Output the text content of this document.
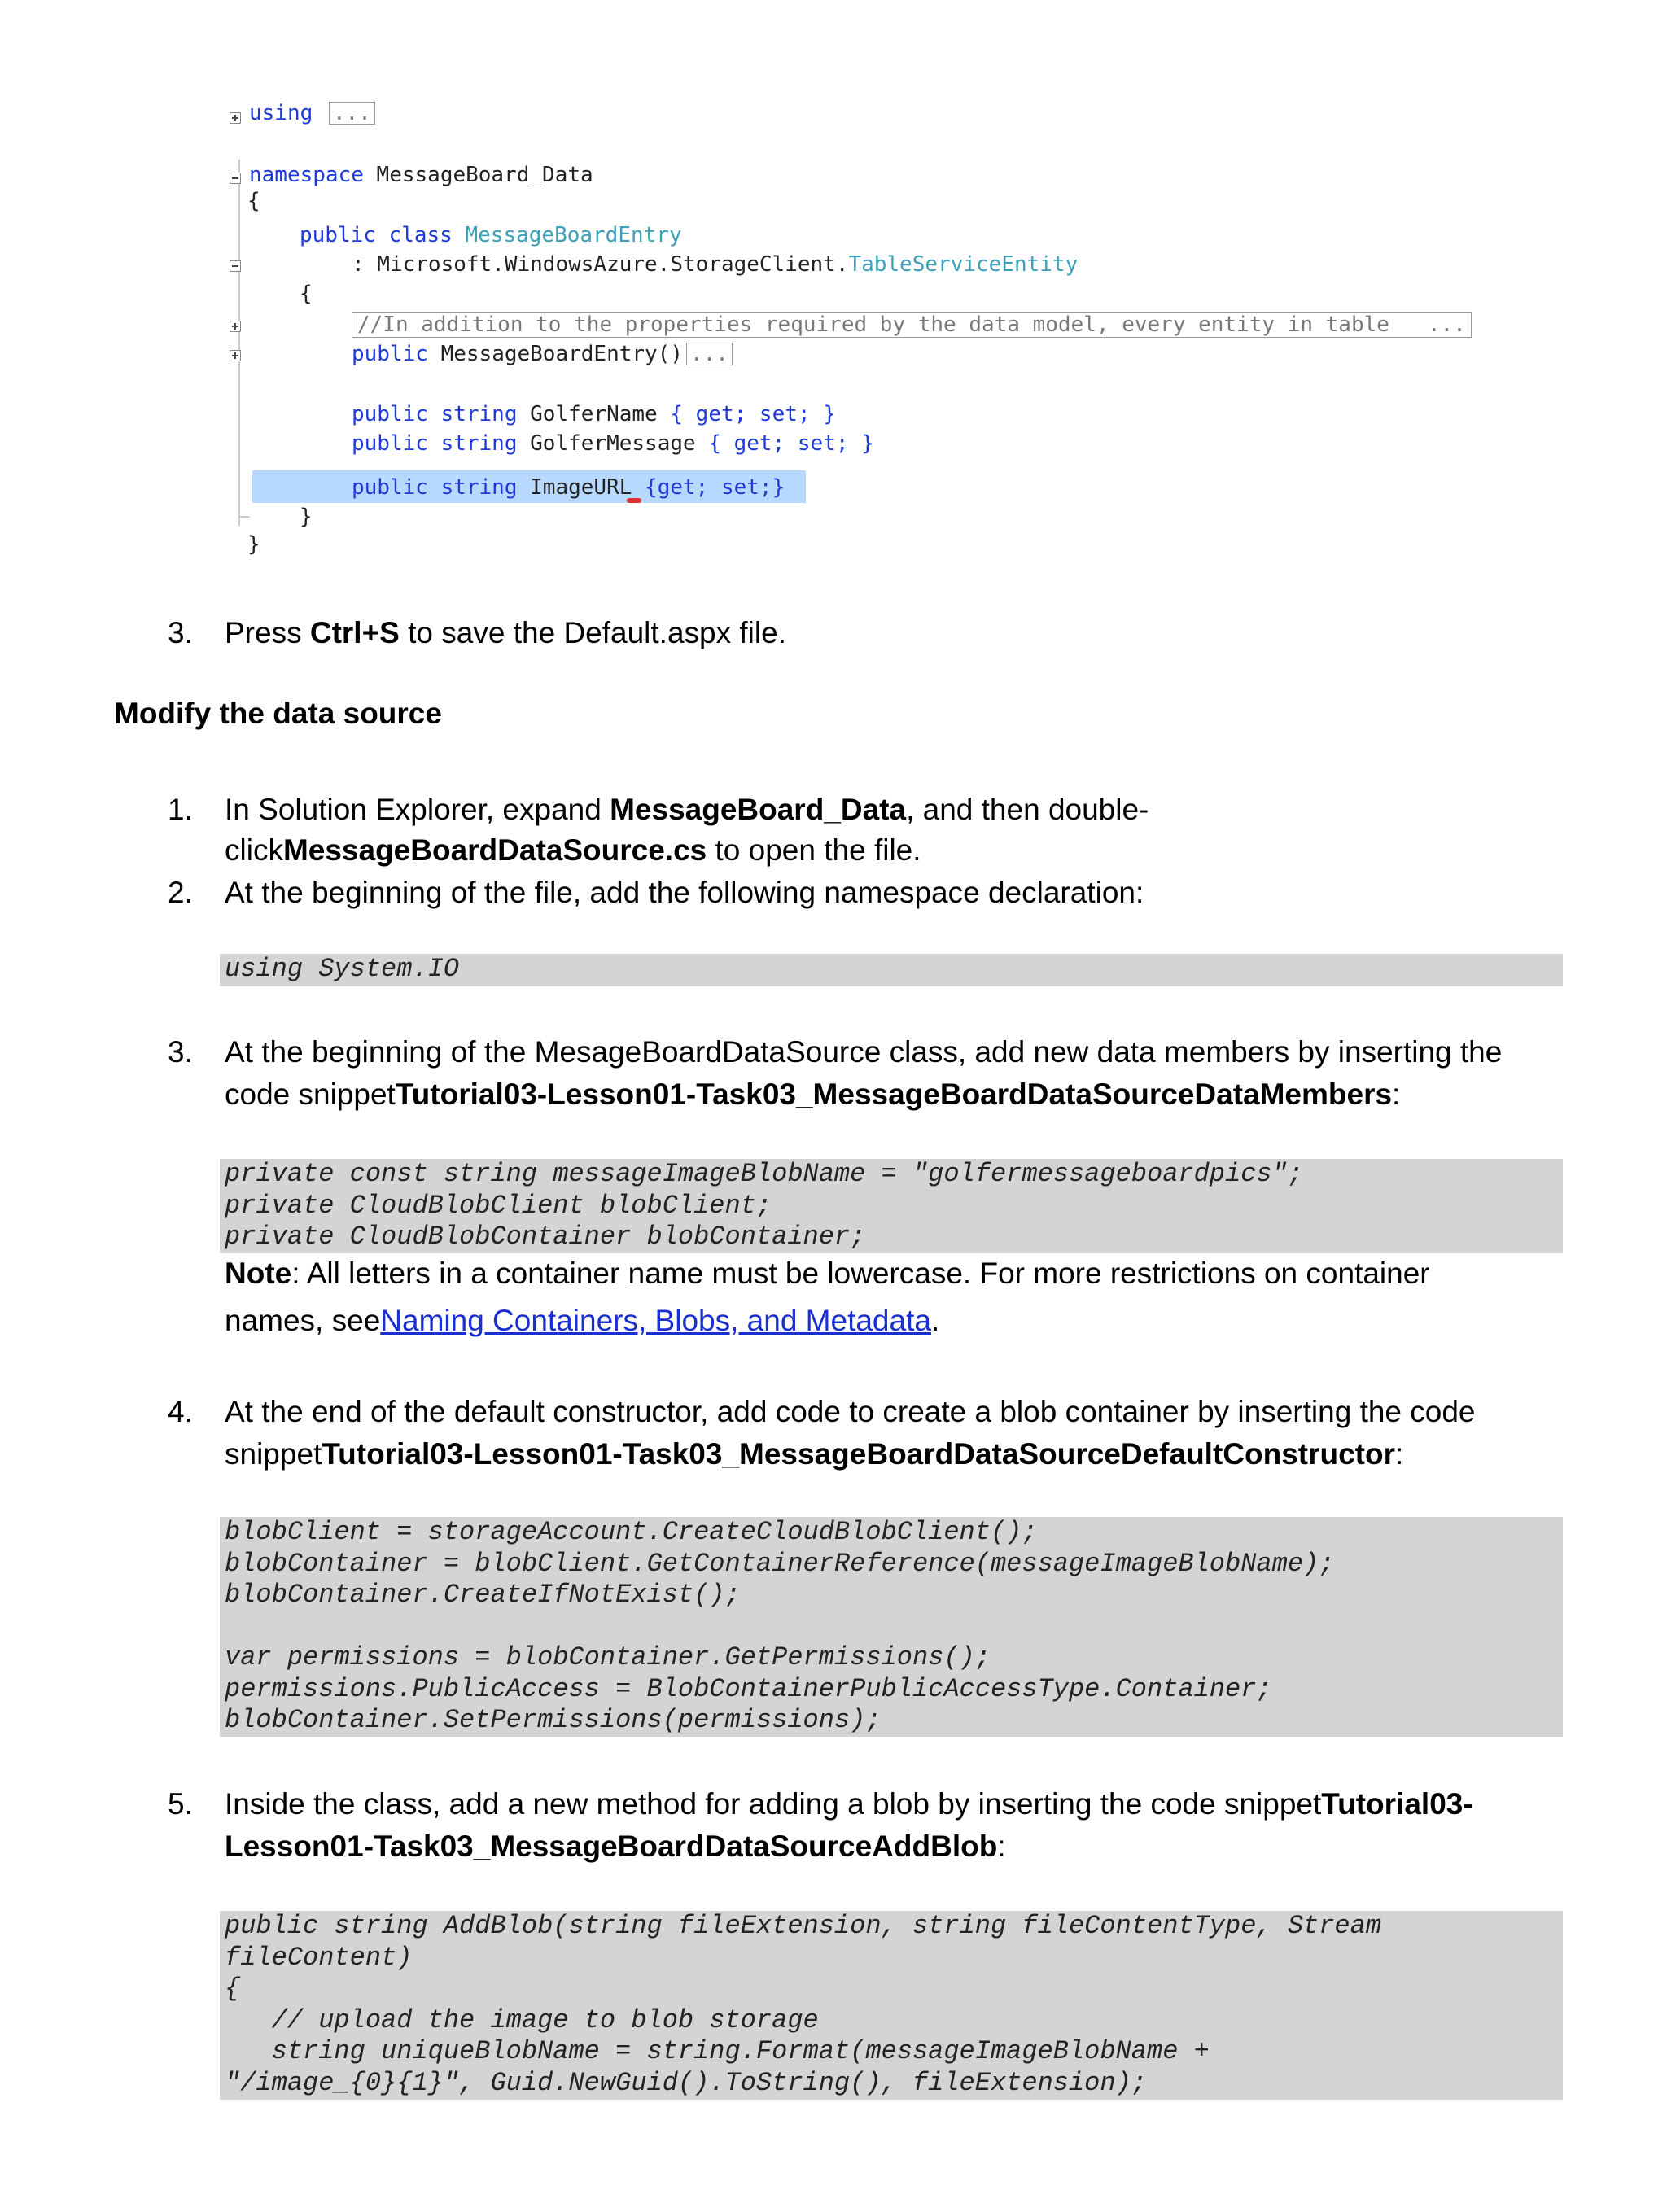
using ...
namespace MessageBoard_Data
{
public class MessageBoardEntry
: Microsoft.WindowsAzure.StorageClient.TableServiceEntity
{
//In addition to the properties required by the data model, every entity in table   ...
public MessageBoardEntry() ...
public string GolferName { get; set; }
public string GolferMessage { get; set; }
public string ImageURL {get; set;}
}
}
3. Press Ctrl+S to save the Default.aspx file.
Modify the data source
1. In Solution Explorer, expand MessageBoard_Data, and then double-
clickMessageBoardDataSource.cs to open the file.
2. At the beginning of the file, add the following namespace declaration:
using System.IO
3. At the beginning of the MesageBoardDataSource class, add new data members by inserting the
code snippetTutorial03-Lesson01-Task03_MessageBoardDataSourceDataMembers:
private const string messageImageBlobName = "golfermessageboardpics";
private CloudBlobClient blobClient;
private CloudBlobContainer blobContainer;
Note: All letters in a container name must be lowercase. For more restrictions on container
names, seeNaming Containers, Blobs, and Metadata.
4. At the end of the default constructor, add code to create a blob container by inserting the code
snippetTutorial03-Lesson01-Task03_MessageBoardDataSourceDefaultConstructor:
blobClient = storageAccount.CreateCloudBlobClient();
blobContainer = blobClient.GetContainerReference(messageImageBlobName);
blobContainer.CreateIfNotExist();

var permissions = blobContainer.GetPermissions();
permissions.PublicAccess = BlobContainerPublicAccessType.Container;
blobContainer.SetPermissions(permissions);
5. Inside the class, add a new method for adding a blob by inserting the code snippetTutorial03-
Lesson01-Task03_MessageBoardDataSourceAddBlob:
public string AddBlob(string fileExtension, string fileContentType, Stream
fileContent)
{
// upload the image to blob storage
string uniqueBlobName = string.Format(messageImageBlobName +
"/image_{0}{1}", Guid.NewGuid().ToString(), fileExtension);
